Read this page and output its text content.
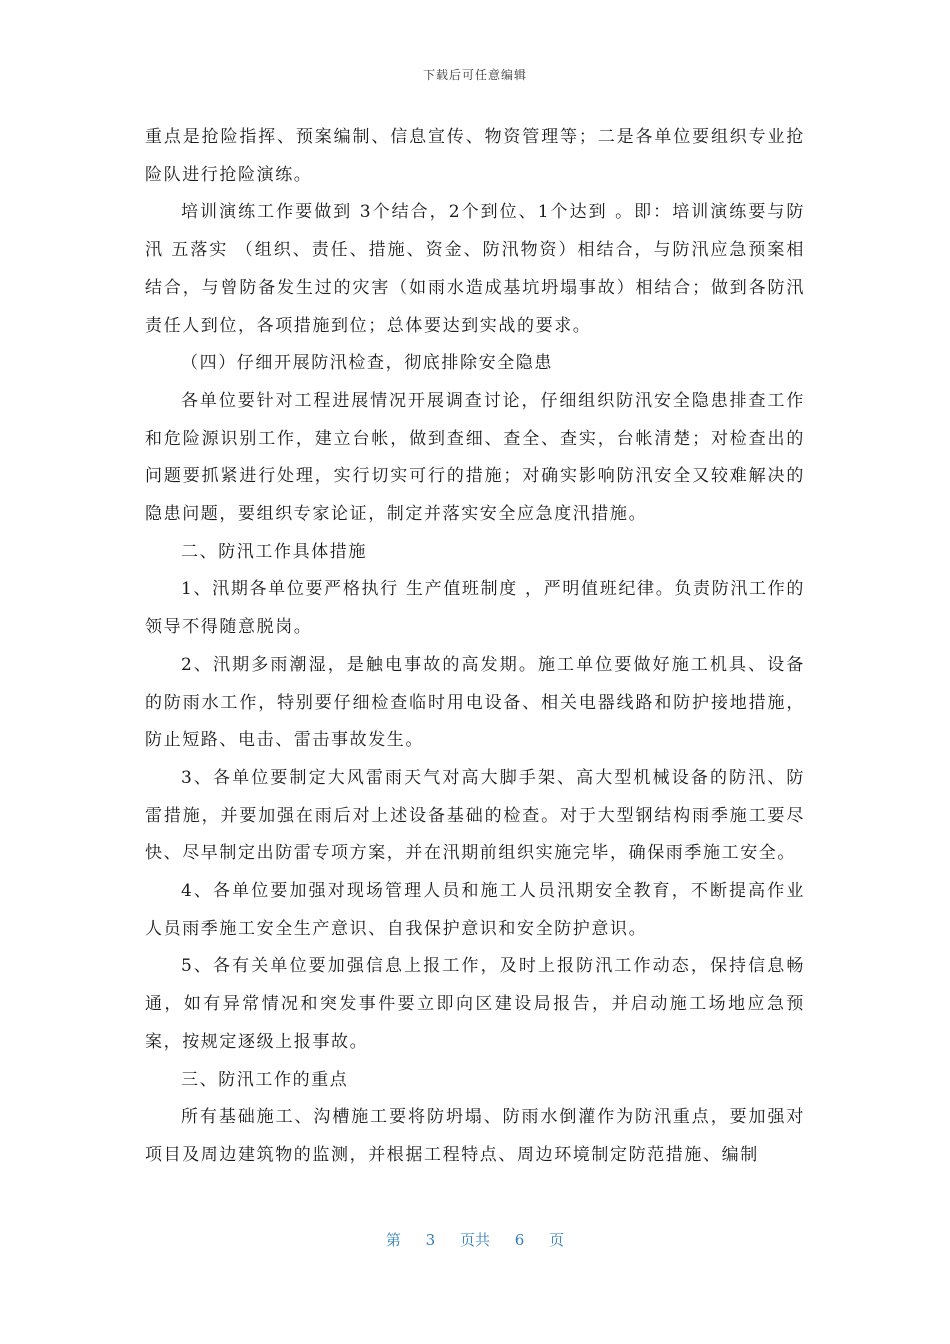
下载后可任意编辑

重点是抢险指挥、预案编制、信息宣传、物资管理等；二是各单位要组织专业抢险队进行抢险演练。

培训演练工作要做到 3个结合，2个到位、1个达到 。即：培训演练要与防汛 五落实 （组织、责任、措施、资金、防汛物资）相结合，与防汛应急预案相结合，与曾防备发生过的灾害（如雨水造成基坑坍塌事故）相结合；做到各防汛责任人到位，各项措施到位；总体要达到实战的要求。

（四）仔细开展防汛检查，彻底排除安全隐患

各单位要针对工程进展情况开展调查讨论，仔细组织防汛安全隐患排查工作和危险源识别工作，建立台帐，做到查细、查全、查实，台帐清楚；对检查出的问题要抓紧进行处理，实行切实可行的措施；对确实影响防汛安全又较难解决的隐患问题，要组织专家论证，制定并落实安全应急度汛措施。

二、防汛工作具体措施

1、汛期各单位要严格执行 生产值班制度 ，严明值班纪律。负责防汛工作的领导不得随意脱岗。

2、汛期多雨潮湿，是触电事故的高发期。施工单位要做好施工机具、设备的防雨水工作，特别要仔细检查临时用电设备、相关电器线路和防护接地措施，防止短路、电击、雷击事故发生。

3、各单位要制定大风雷雨天气对高大脚手架、高大型机械设备的防汛、防雷措施，并要加强在雨后对上述设备基础的检查。对于大型钢结构雨季施工要尽快、尽早制定出防雷专项方案，并在汛期前组织实施完毕，确保雨季施工安全。

4、各单位要加强对现场管理人员和施工人员汛期安全教育，不断提高作业人员雨季施工安全生产意识、自我保护意识和安全防护意识。

5、各有关单位要加强信息上报工作，及时上报防汛工作动态，保持信息畅通，如有异常情况和突发事件要立即向区建设局报告，并启动施工场地应急预案，按规定逐级上报事故。

三、防汛工作的重点

所有基础施工、沟槽施工要将防坍塌、防雨水倒灌作为防汛重点，要加强对项目及周边建筑物的监测，并根据工程特点、周边环境制定防范措施、编制

第 3 页共 6 页
